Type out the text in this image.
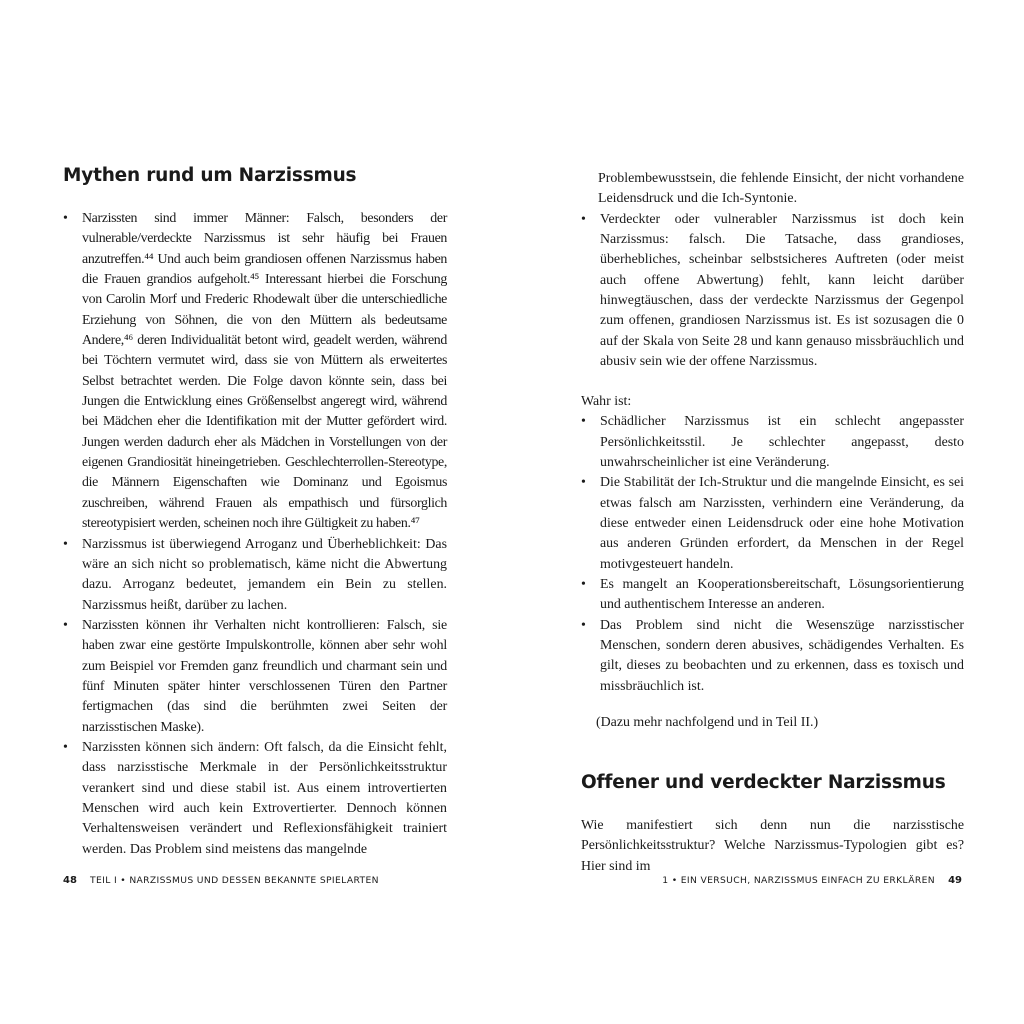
Mythen rund um Narzissmus
• Narzissten sind immer Männer: Falsch, besonders der vulnerable/verdeckte Narzissmus ist sehr häufig bei Frauen anzutreffen.⁴⁴ Und auch beim grandiosen offenen Narzissmus haben die Frauen grandios aufgeholt.⁴⁵ Interessant hierbei die Forschung von Carolin Morf und Frederic Rhodewalt über die unterschiedliche Erziehung von Söhnen, die von den Müttern als bedeutsame Andere,⁴⁶ deren Individualität betont wird, geadelt werden, während bei Töchtern vermutet wird, dass sie von Müttern als erweitertes Selbst betrachtet werden. Die Folge davon könnte sein, dass bei Jungen die Entwicklung eines Größenselbst angeregt wird, während bei Mädchen eher die Identifikation mit der Mutter gefördert wird. Jungen werden dadurch eher als Mädchen in Vorstellungen von der eigenen Grandiosität hineingetrieben. Geschlechterrollen-Stereotype, die Männern Eigenschaften wie Dominanz und Egoismus zuschreiben, während Frauen als empathisch und fürsorglich stereotypisiert werden, scheinen noch ihre Gültigkeit zu haben.⁴⁷
• Narzissmus ist überwiegend Arroganz und Überheblichkeit: Das wäre an sich nicht so problematisch, käme nicht die Abwertung dazu. Arroganz bedeutet, jemandem ein Bein zu stellen. Narzissmus heißt, darüber zu lachen.
• Narzissten können ihr Verhalten nicht kontrollieren: Falsch, sie haben zwar eine gestörte Impulskontrolle, können aber sehr wohl zum Beispiel vor Fremden ganz freundlich und charmant sein und fünf Minuten später hinter verschlossenen Türen den Partner fertigmachen (das sind die berühmten zwei Seiten der narzisstischen Maske).
• Narzissten können sich ändern: Oft falsch, da die Einsicht fehlt, dass narzisstische Merkmale in der Persönlichkeitsstruktur verankert sind und diese stabil ist. Aus einem introvertierten Menschen wird auch kein Extrovertierter. Dennoch können Verhaltensweisen verändert und Reflexionsfähigkeit trainiert werden. Das Problem sind meistens das mangelnde

Problembewusstsein, die fehlende Einsicht, der nicht vorhandene Leidensdruck und die Ich-Syntonie.

• Verdeckter oder vulnerabler Narzissmus ist doch kein Narzissmus: falsch. Die Tatsache, dass grandioses, überhebliches, scheinbar selbstsicheres Auftreten (oder meist auch offene Abwertung) fehlt, kann leicht darüber hinwegtäuschen, dass der verdeckte Narzissmus der Gegenpol zum offenen, grandiosen Narzissmus ist. Es ist sozusagen die 0 auf der Skala von Seite 28 und kann genauso missbräuchlich und abusiv sein wie der offene Narzissmus.

Wahr ist:

• Schädlicher Narzissmus ist ein schlecht angepasster Persönlichkeitsstil. Je schlechter angepasst, desto unwahrscheinlicher ist eine Veränderung.
• Die Stabilität der Ich-Struktur und die mangelnde Einsicht, es sei etwas falsch am Narzissten, verhindern eine Veränderung, da diese entweder einen Leidensdruck oder eine hohe Motivation aus anderen Gründen erfordert, da Menschen in der Regel motivgesteuert handeln.
• Es mangelt an Kooperationsbereitschaft, Lösungsorientierung und authentischem Interesse an anderen.
• Das Problem sind nicht die Wesenszüge narzisstischer Menschen, sondern deren abusives, schädigendes Verhalten. Es gilt, dieses zu beobachten und zu erkennen, dass es toxisch und missbräuchlich ist.

(Dazu mehr nachfolgend und in Teil II.)

Offener und verdeckter Narzissmus

Wie manifestiert sich denn nun die narzisstische Persönlichkeitsstruktur? Welche Narzissmus-Typologien gibt es? Hier sind im

48 TEIL I • NARZISSMUS UND DESSEN BEKANNTE SPIELARTEN	1 • EIN VERSUCH, NARZISSMUS EINFACH ZU ERKLÄREN 49
